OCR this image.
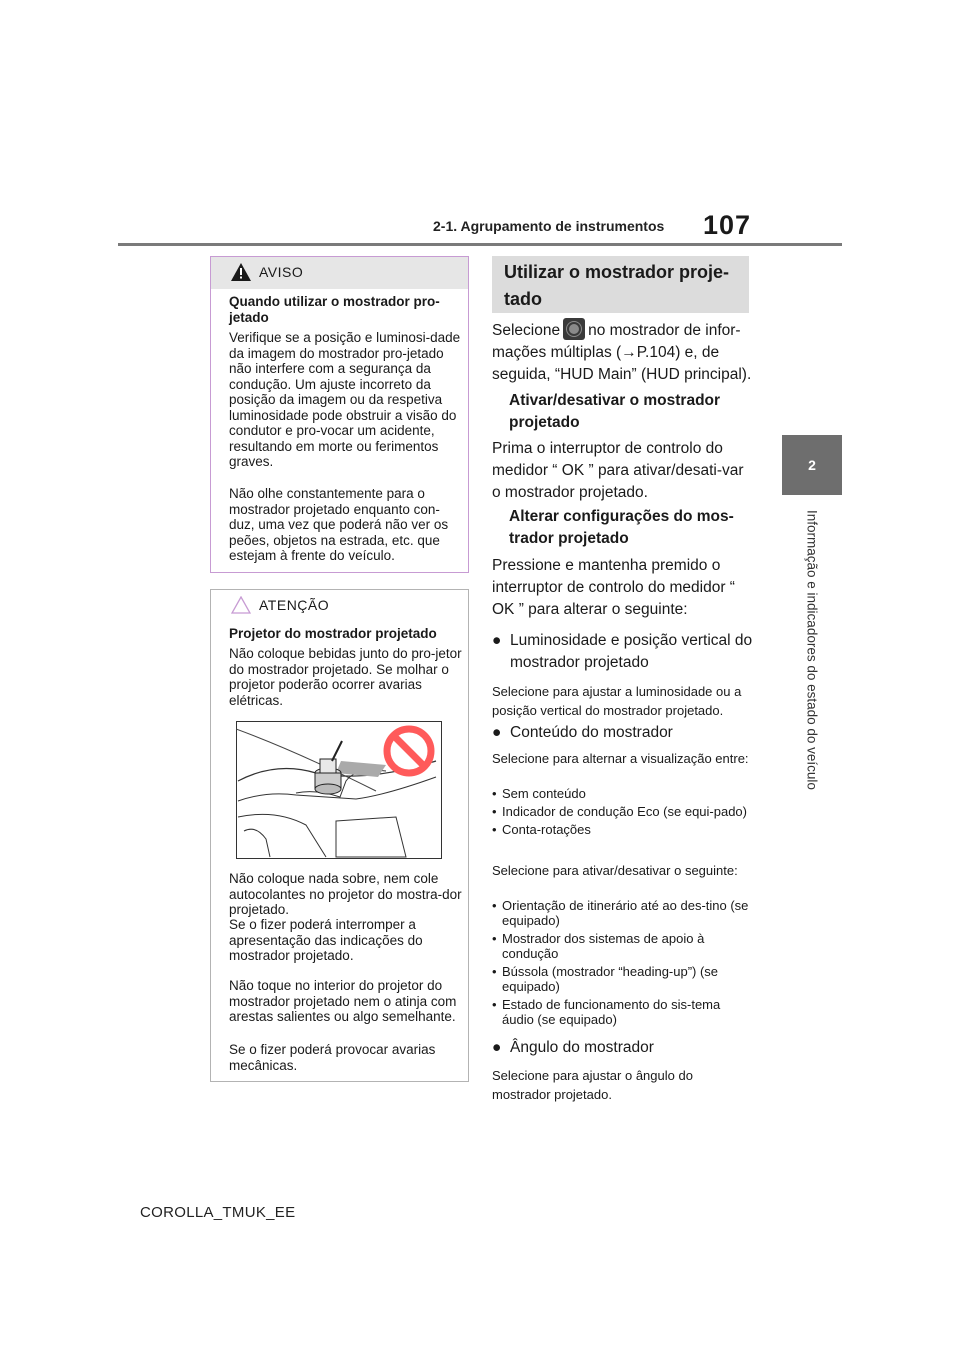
2-1. Agrupamento de instrumentos 107
2
Informação e indicadores do estado do veículo
AVISO
Quando utilizar o mostrador pro-jetado
Verifique se a posição e luminosi-dade da imagem do mostrador pro-jetado não interfere com a segurança da condução. Um ajuste incorreto da posição da imagem ou da respetiva luminosidade pode obstruir a visão do condutor e pro-vocar um acidente, resultando em morte ou ferimentos graves.
Não olhe constantemente para o mostrador projetado enquanto con-duz, uma vez que poderá não ver os peões, objetos na estrada, etc. que estejam à frente do veículo.
ATENÇÃO
Projetor do mostrador projetado
Não coloque bebidas junto do pro-jetor do mostrador projetado. Se molhar o projetor poderão ocorrer avarias elétricas.
Não coloque nada sobre, nem cole autocolantes no projetor do mostra-dor projetado.
Se o fizer poderá interromper a apresentação das indicações do mostrador projetado.
Não toque no interior do projetor do mostrador projetado nem o atinja com arestas salientes ou algo semelhante.
Se o fizer poderá provocar avarias mecânicas.
Utilizar o mostrador proje-tado
Selecione no mostrador de infor-mações múltiplas (→P.104) e, de seguida, “HUD Main” (HUD principal).
Ativar/desativar o mostrador projetado
Prima o interruptor de controlo do medidor “ OK ” para ativar/desati-var o mostrador projetado.
Alterar configurações do mos-trador projetado
Pressione e mantenha premido o interruptor de controlo do medidor “ OK ” para alterar o seguinte:
● Luminosidade e posição vertical do mostrador projetado
Selecione para ajustar a luminosidade ou a posição vertical do mostrador projetado.
● Conteúdo do mostrador
Selecione para alternar a visualização entre:
• Sem conteúdo
• Indicador de condução Eco (se equi-pado)
• Conta-rotações
Selecione para ativar/desativar o seguinte:
• Orientação de itinerário até ao des-tino (se equipado)
• Mostrador dos sistemas de apoio à condução
• Bússola (mostrador “heading-up”) (se equipado)
• Estado de funcionamento do sis-tema áudio (se equipado)
● Ângulo do mostrador
Selecione para ajustar o ângulo do mostrador projetado.
COROLLA_TMUK_EE
